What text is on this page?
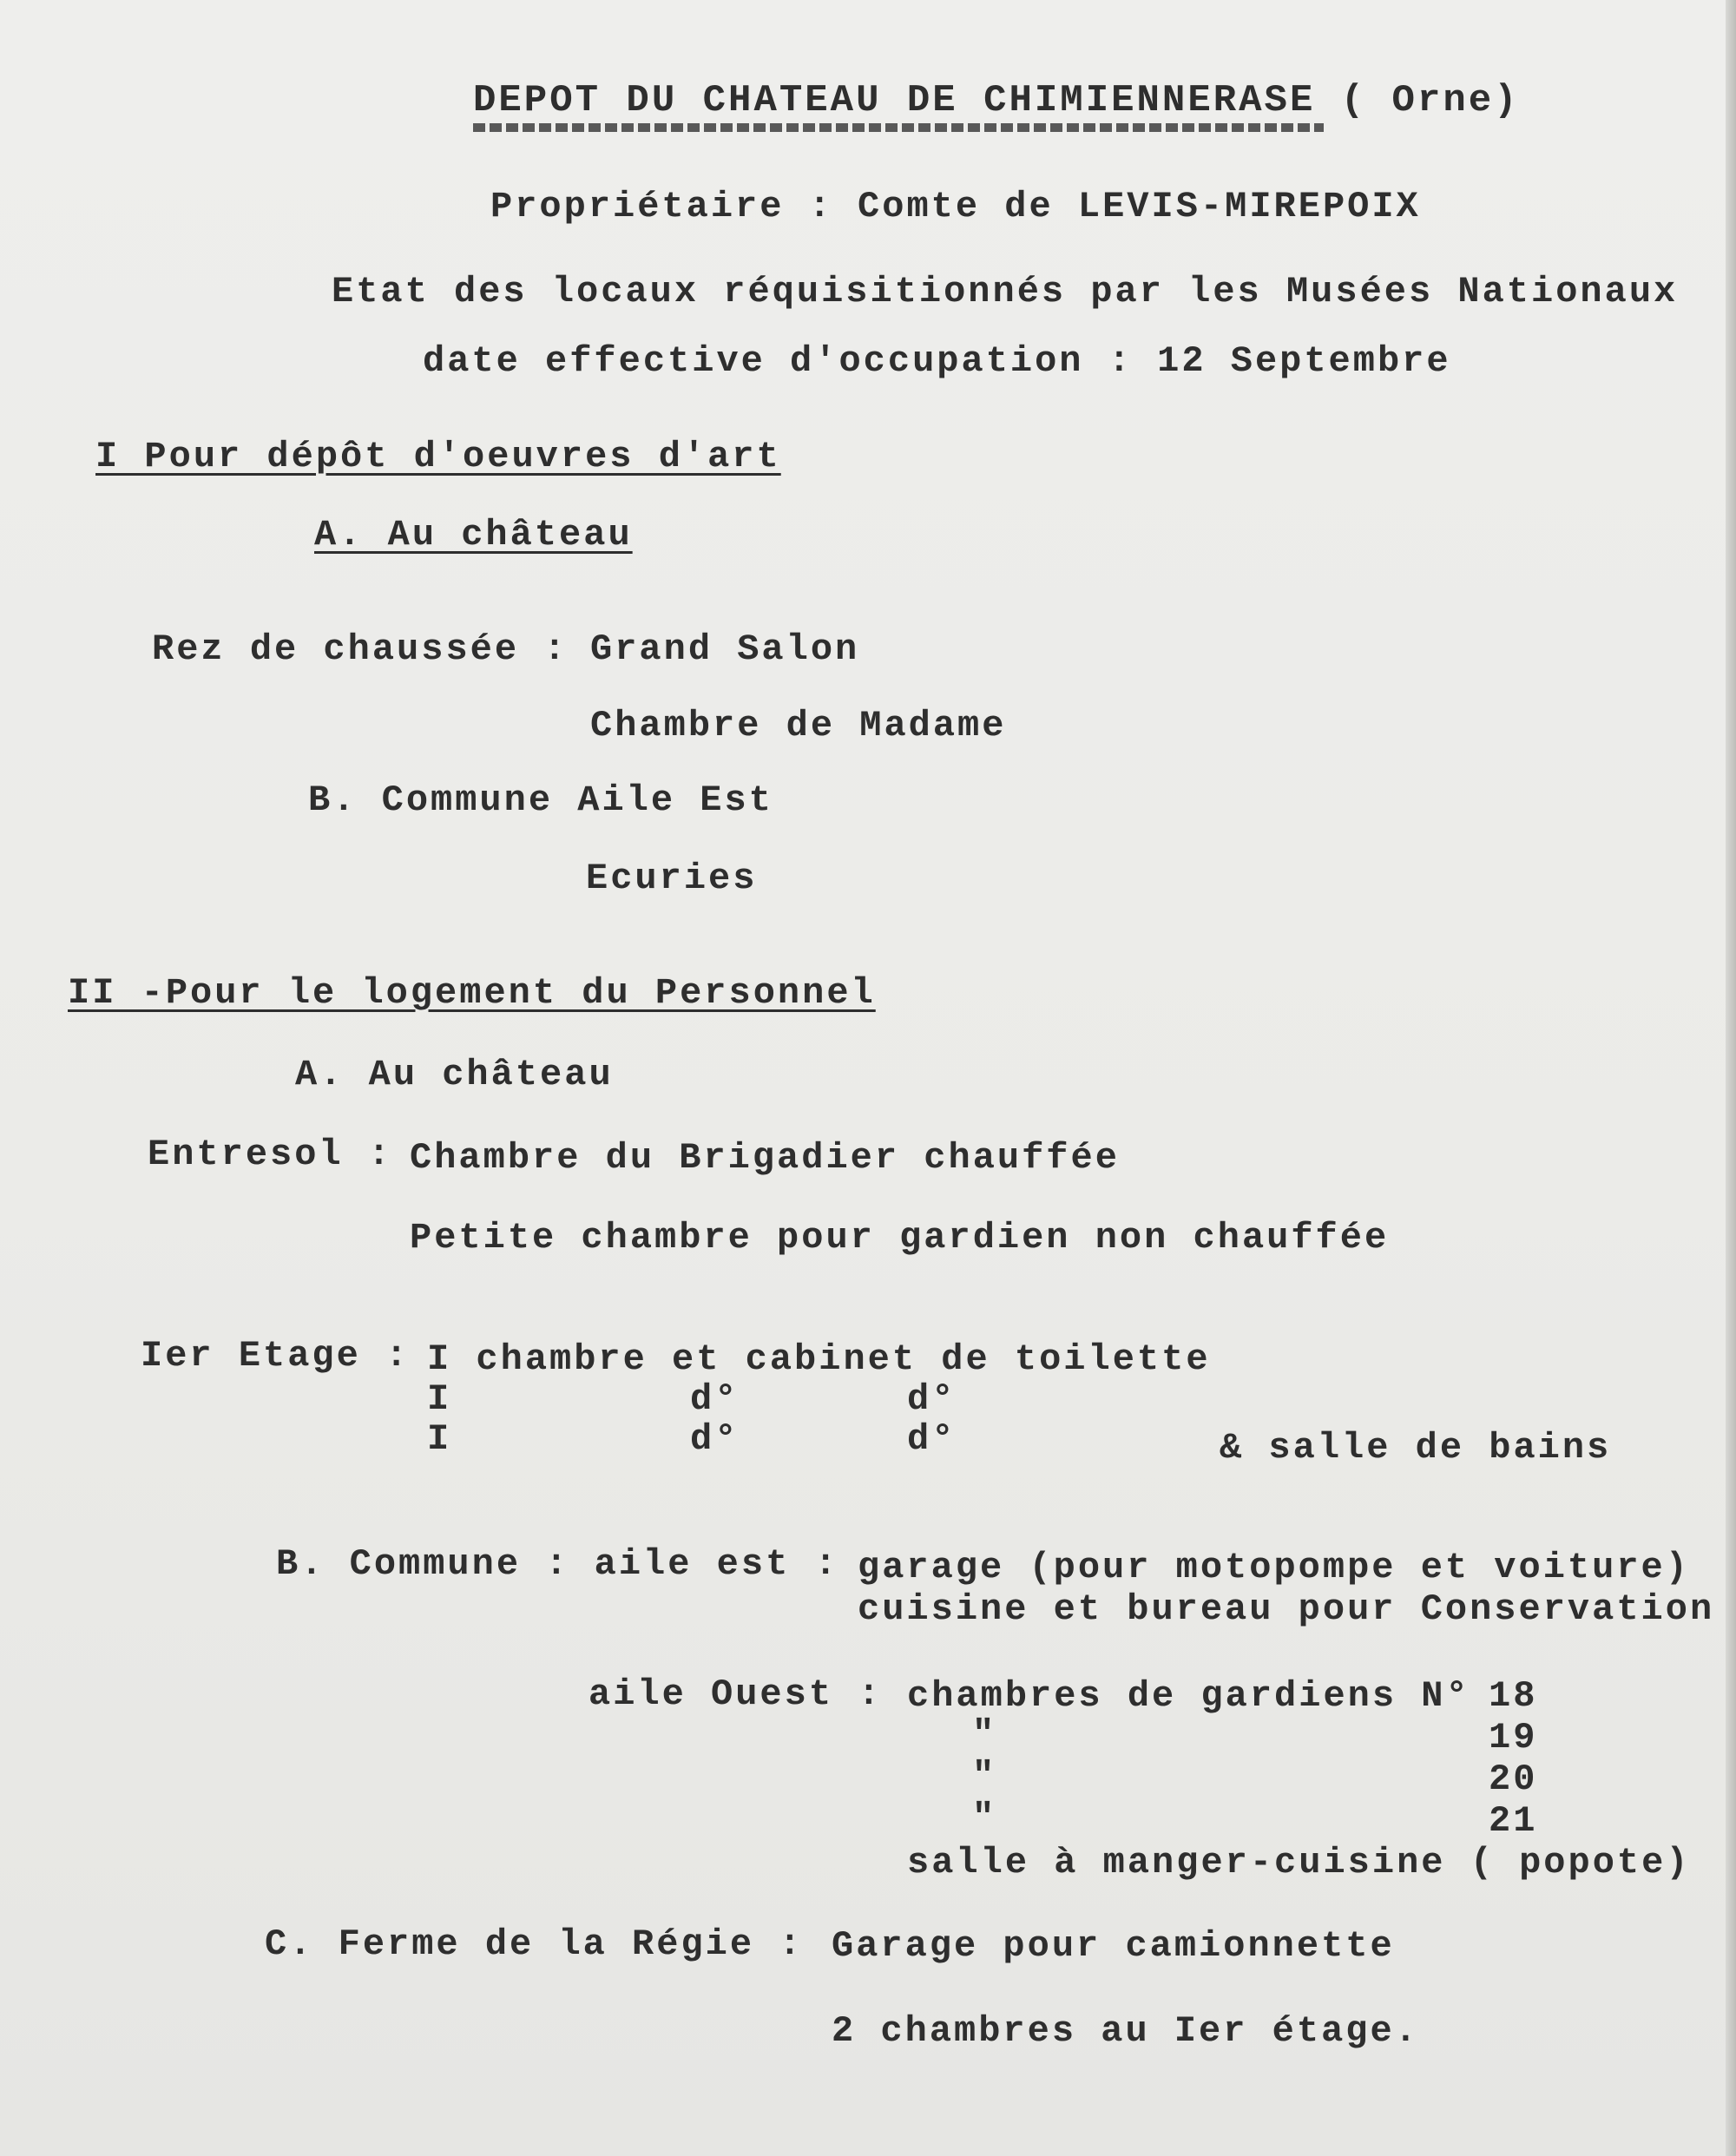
DEPOT DU CHATEAU DE CHIMIENNERASE ( Orne)
Propriétaire : Comte de LEVIS-MIREPOIX
Etat des locaux réquisitionnés par les Musées Nationaux
date effective d'occupation : 12 Septembre
I Pour dépôt d'oeuvres d'art
A. Au château
Rez de chaussée : Grand Salon
Chambre de Madame
B. Commune Aile Est
Ecuries
II -Pour le logement du Personnel
A. Au château
Entresol : Chambre du Brigadier chauffée
Petite chambre pour gardien non chauffée
Ier Etage : I chambre et cabinet de toilette
I	d°	d°
I	d°	d°	& salle de bains
B. Commune : aile est : garage (pour motopompe et voiture)
cuisine et bureau pour Conservation
aile Ouest : chambres de gardiens N° 18
"	19
"	20
"	21
salle à manger-cuisine ( popote)
C. Ferme de la Régie : Garage pour camionnette
2 chambres au Ier étage.
